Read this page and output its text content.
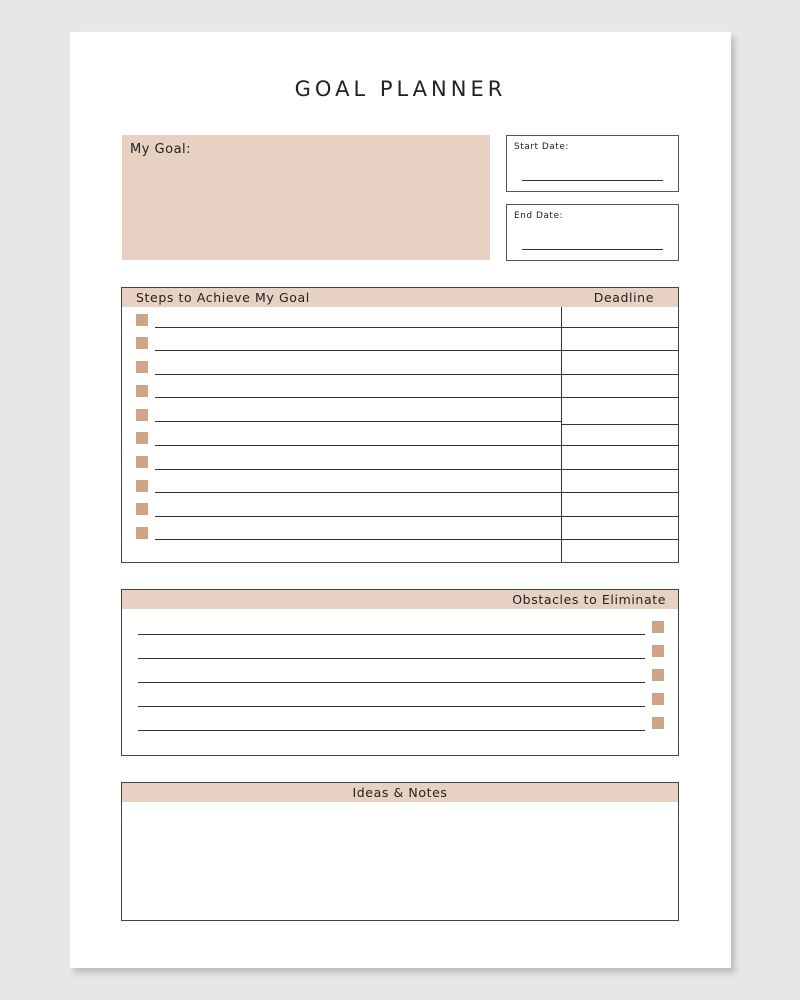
GOAL PLANNER
My Goal:	Start Date:
End Date:
Steps to Achieve My Goal	Deadline
Obstacles to Eliminate
Ideas & Notes
